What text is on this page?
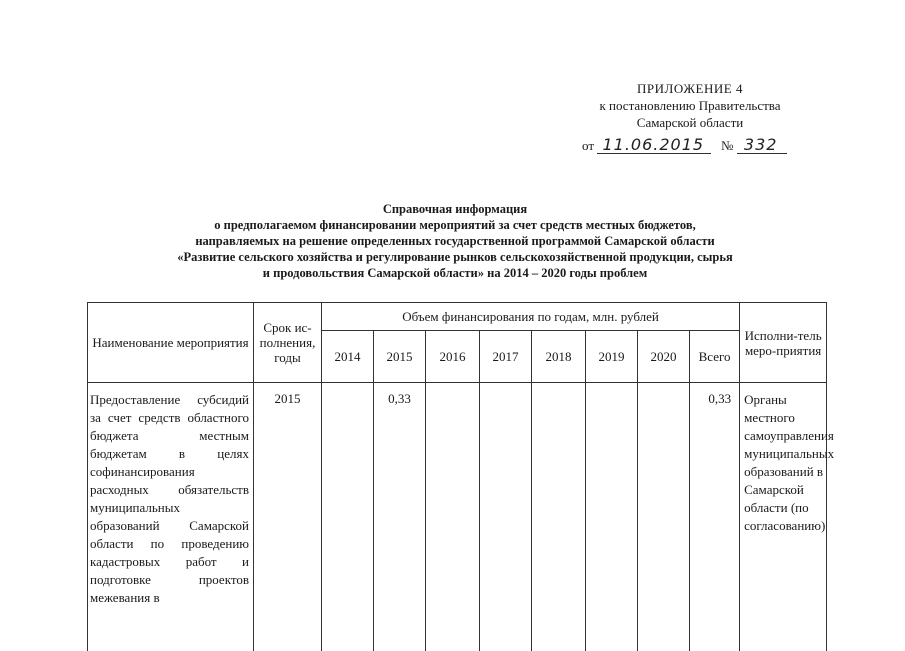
ПРИЛОЖЕНИЕ 4
к постановлению Правительства
Самарской области
от 11.06.2015 № 332
Справочная информация
о предполагаемом финансировании мероприятий за счет средств местных бюджетов,
направляемых на решение определенных государственной программой Самарской области
«Развитие сельского хозяйства и регулирование рынков сельскохозяйственной продукции, сырья
и продовольствия Самарской области» на 2014 – 2020 годы проблем
Наименование мероприятия	Срок ис-полнения, годы	Объем финансирования по годам, млн. рублей								Исполни-тель меро-приятия
		2014	2015	2016	2017	2018	2019	2020	Всего	

Предоставление субсидий за счет средств областного бюджета местным бюджетам в целях софинансирования расходных обязательств муниципальных образований Самарской области по проведению кадастровых работ и подготовке проектов межевания в	2015		0,33						0,33	Органы местного самоуправления муниципальных образований в Самарской области (по согласованию)
